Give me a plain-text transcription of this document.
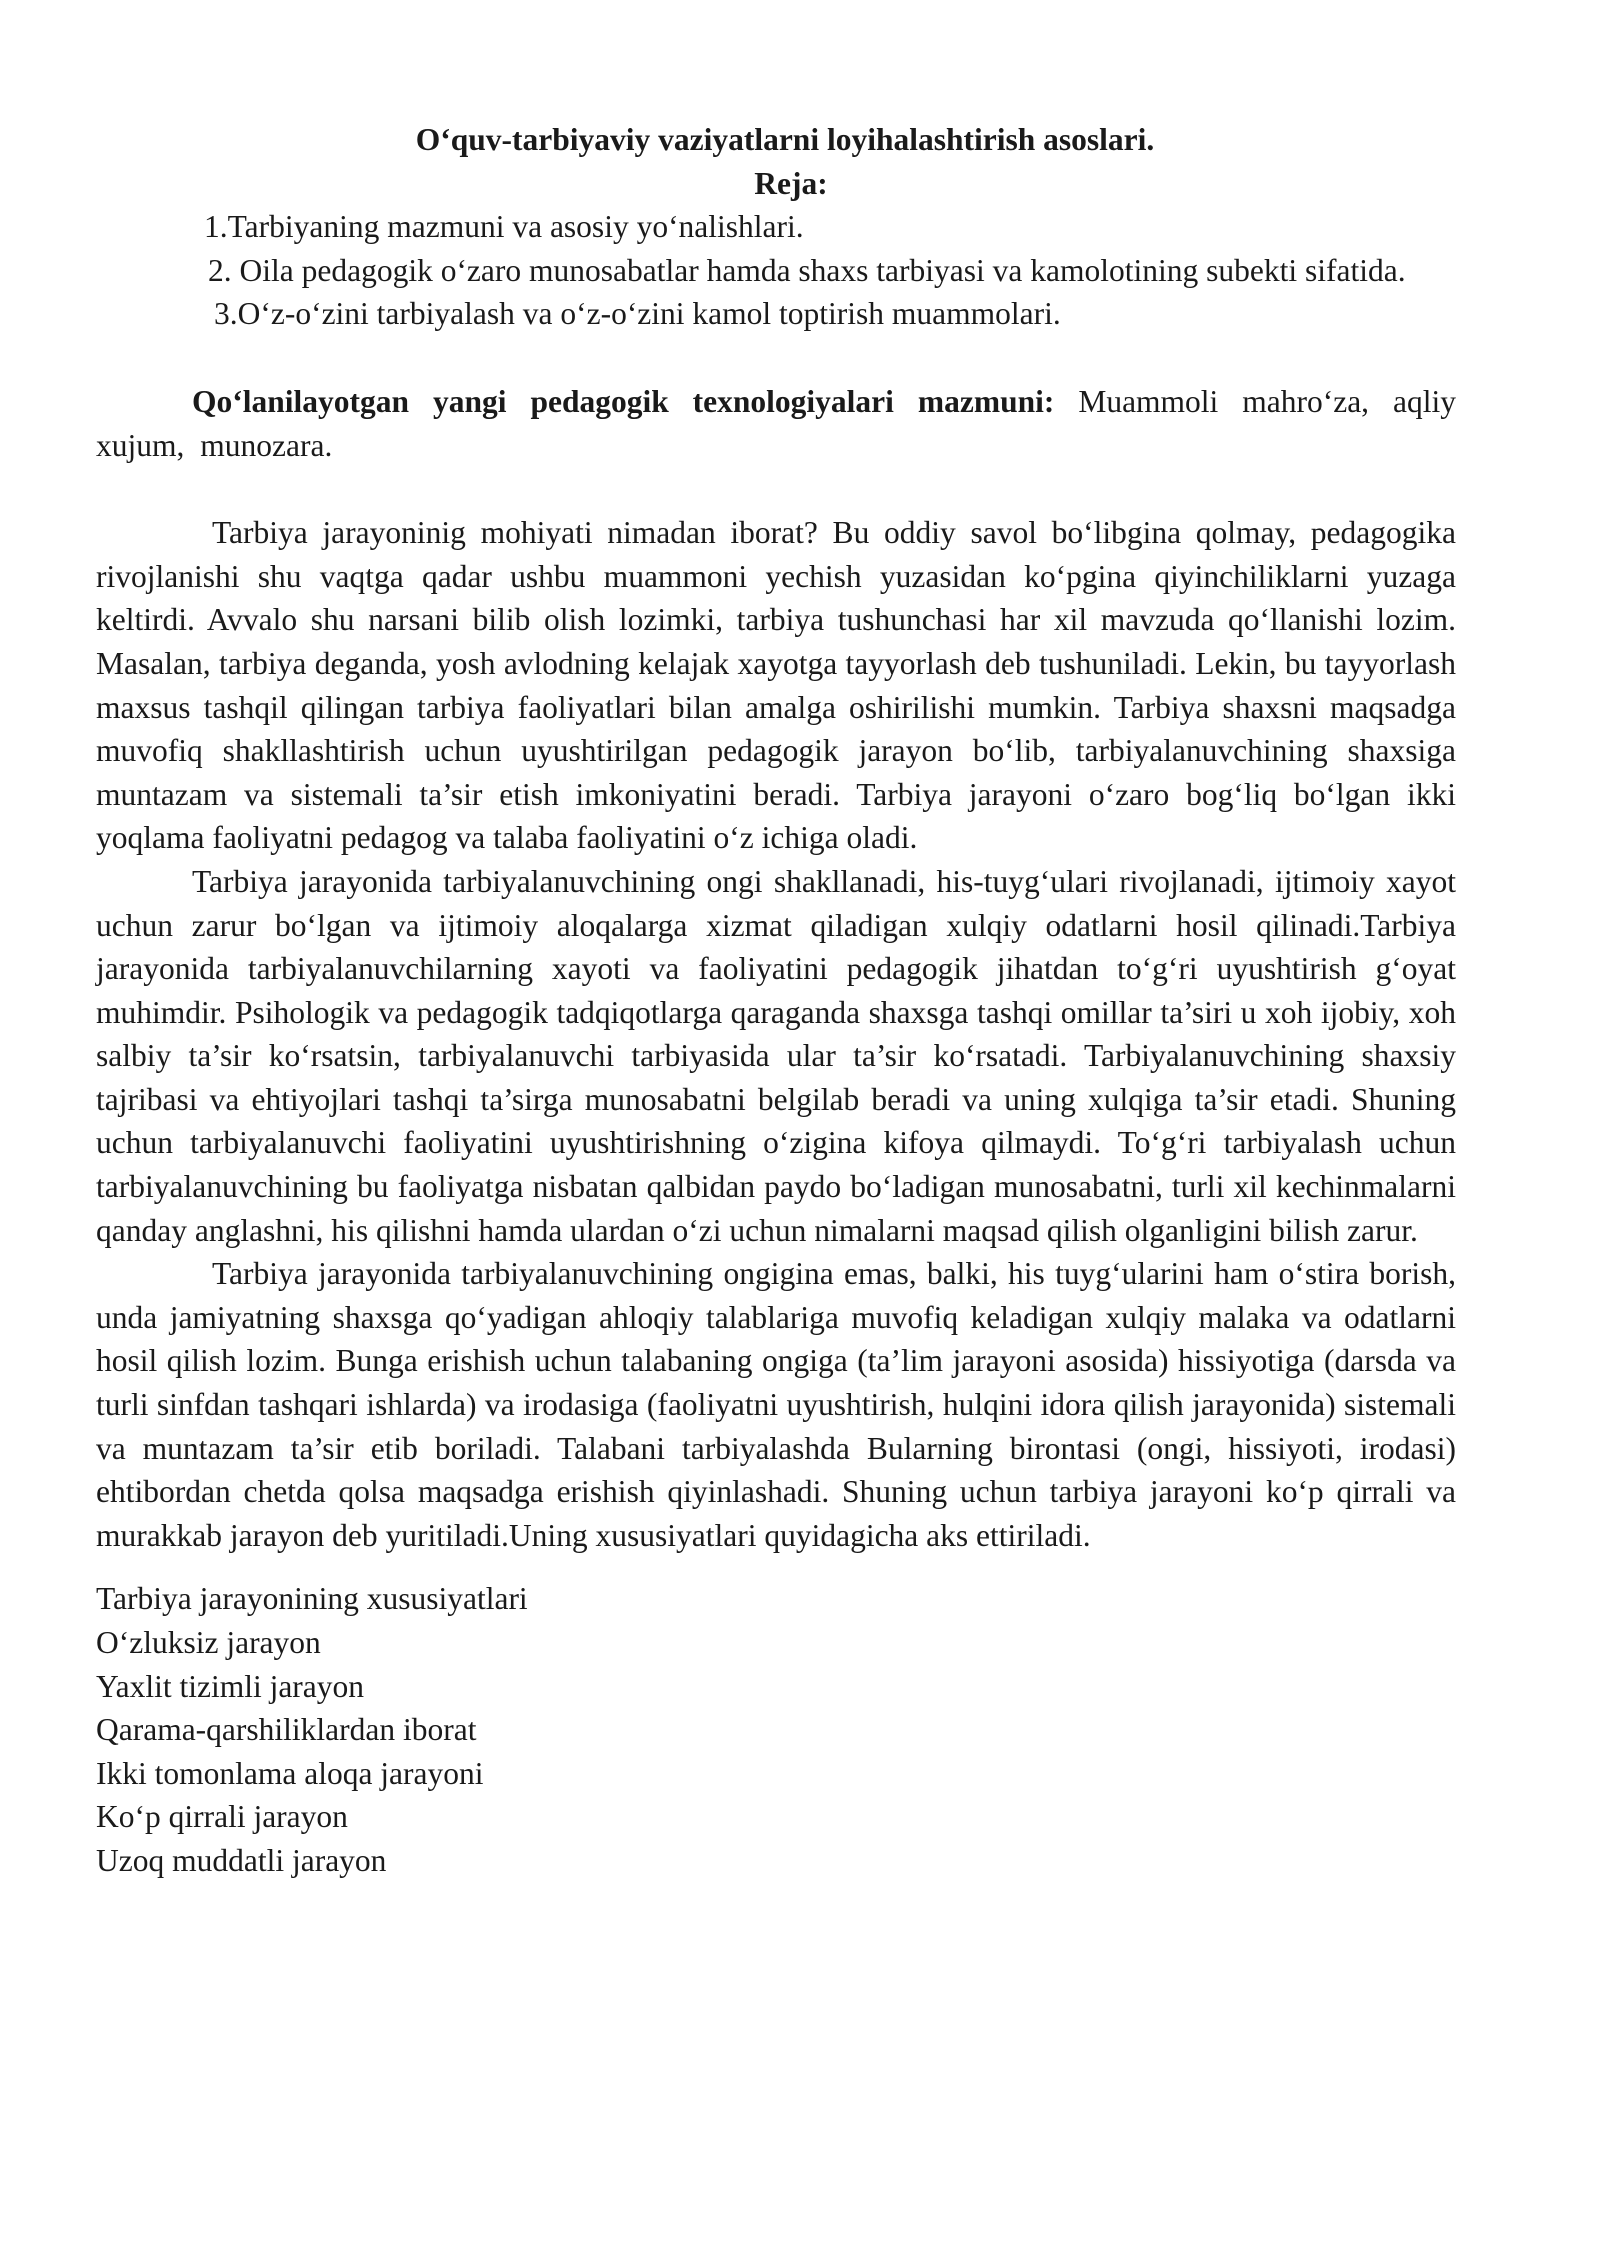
O‘quv-tarbiyaviy vaziyatlarni loyihalashtirish asoslari.

Reja:

1.Tarbiyaning mazmuni va asosiy yo‘nalishlari.

2. Oila pedagogik o‘zaro munosabatlar hamda shaxs tarbiyasi va kamolotining subekti sifatida.

3.O‘z-o‘zini tarbiyalash va o‘z-o‘zini kamol toptirish muammolari.

Qo‘lanilayotgan yangi pedagogik texnologiyalari mazmuni: Muammoli mahro‘za, aqliy xujum, munozara.

Tarbiya jarayoninig mohiyati nimadan iborat? Bu oddiy savol bo‘libgina qolmay, pedagogika rivojlanishi shu vaqtga qadar ushbu muammoni yechish yuzasidan ko‘pgina qiyinchiliklarni yuzaga keltirdi. Avvalo shu narsani bilib olish lozimki, tarbiya tushunchasi har xil mavzuda qo‘llanishi lozim. Masalan, tarbiya deganda, yosh avlodning kelajak xayotga tayyorlash deb tushuniladi. Lekin, bu tayyorlash maxsus tashqil qilingan tarbiya faoliyatlari bilan amalga oshirilishi mumkin. Tarbiya shaxsni maqsadga muvofiq shakllashtirish uchun uyushtirilgan pedagogik jarayon bo‘lib, tarbiyalanuvchining shaxsiga muntazam va sistemali ta’sir etish imkoniyatini beradi. Tarbiya jarayoni o‘zaro bog‘liq bo‘lgan ikki yoqlama faoliyatni pedagog va talaba faoliyatini o‘z ichiga oladi.

Tarbiya jarayonida tarbiyalanuvchining ongi shakllanadi, his-tuyg‘ulari rivojlanadi, ijtimoiy xayot uchun zarur bo‘lgan va ijtimoiy aloqalarga xizmat qiladigan xulqiy odatlarni hosil qilinadi.Tarbiya jarayonida tarbiyalanuvchilarning xayoti va faoliyatini pedagogik jihatdan to‘g‘ri uyushtirish g‘oyat muhimdir. Psihologik va pedagogik tadqiqotlarga qaraganda shaxsga tashqi omillar ta’siri u xoh ijobiy, xoh salbiy ta’sir ko‘rsatsin, tarbiyalanuvchi tarbiyasida ular ta’sir ko‘rsatadi. Tarbiyalanuvchining shaxsiy tajribasi va ehtiyojlari tashqi ta’sirga munosabatni belgilab beradi va uning xulqiga ta’sir etadi. Shuning uchun tarbiyalanuvchi faoliyatini uyushtirishning o‘zigina kifoya qilmaydi. To‘g‘ri tarbiyalash uchun tarbiyalanuvchining bu faoliyatga nisbatan qalbidan paydo bo‘ladigan munosabatni, turli xil kechinmalarni qanday anglashni, his qilishni hamda ulardan o‘zi uchun nimalarni maqsad qilish olganligini bilish zarur.

Tarbiya jarayonida tarbiyalanuvchining ongigina emas, balki, his tuyg‘ularini ham o‘stira borish, unda jamiyatning shaxsga qo‘yadigan ahloqiy talablariga muvofiq keladigan xulqiy malaka va odatlarni hosil qilish lozim. Bunga erishish uchun talabaning ongiga (ta’lim jarayoni asosida) hissiyotiga (darsda va turli sinfdan tashqari ishlarda) va irodasiga (faoliyatni uyushtirish, hulqini idora qilish jarayonida) sistemali va muntazam ta’sir etib boriladi. Talabani tarbiyalashda Bularning birontasi (ongi, hissiyoti, irodasi) ehtibordan chetda qolsa maqsadga erishish qiyinlashadi. Shuning uchun tarbiya jarayoni ko‘p qirrali va murakkab jarayon deb yuritiladi.Uning xususiyatlari quyidagicha aks ettiriladi.

Tarbiya jarayonining xususiyatlari

O‘zluksiz jarayon

Yaxlit tizimli jarayon

Qarama-qarshiliklardan iborat

Ikki tomonlama aloqa jarayoni

Ko‘p qirrali jarayon

Uzoq muddatli jarayon
